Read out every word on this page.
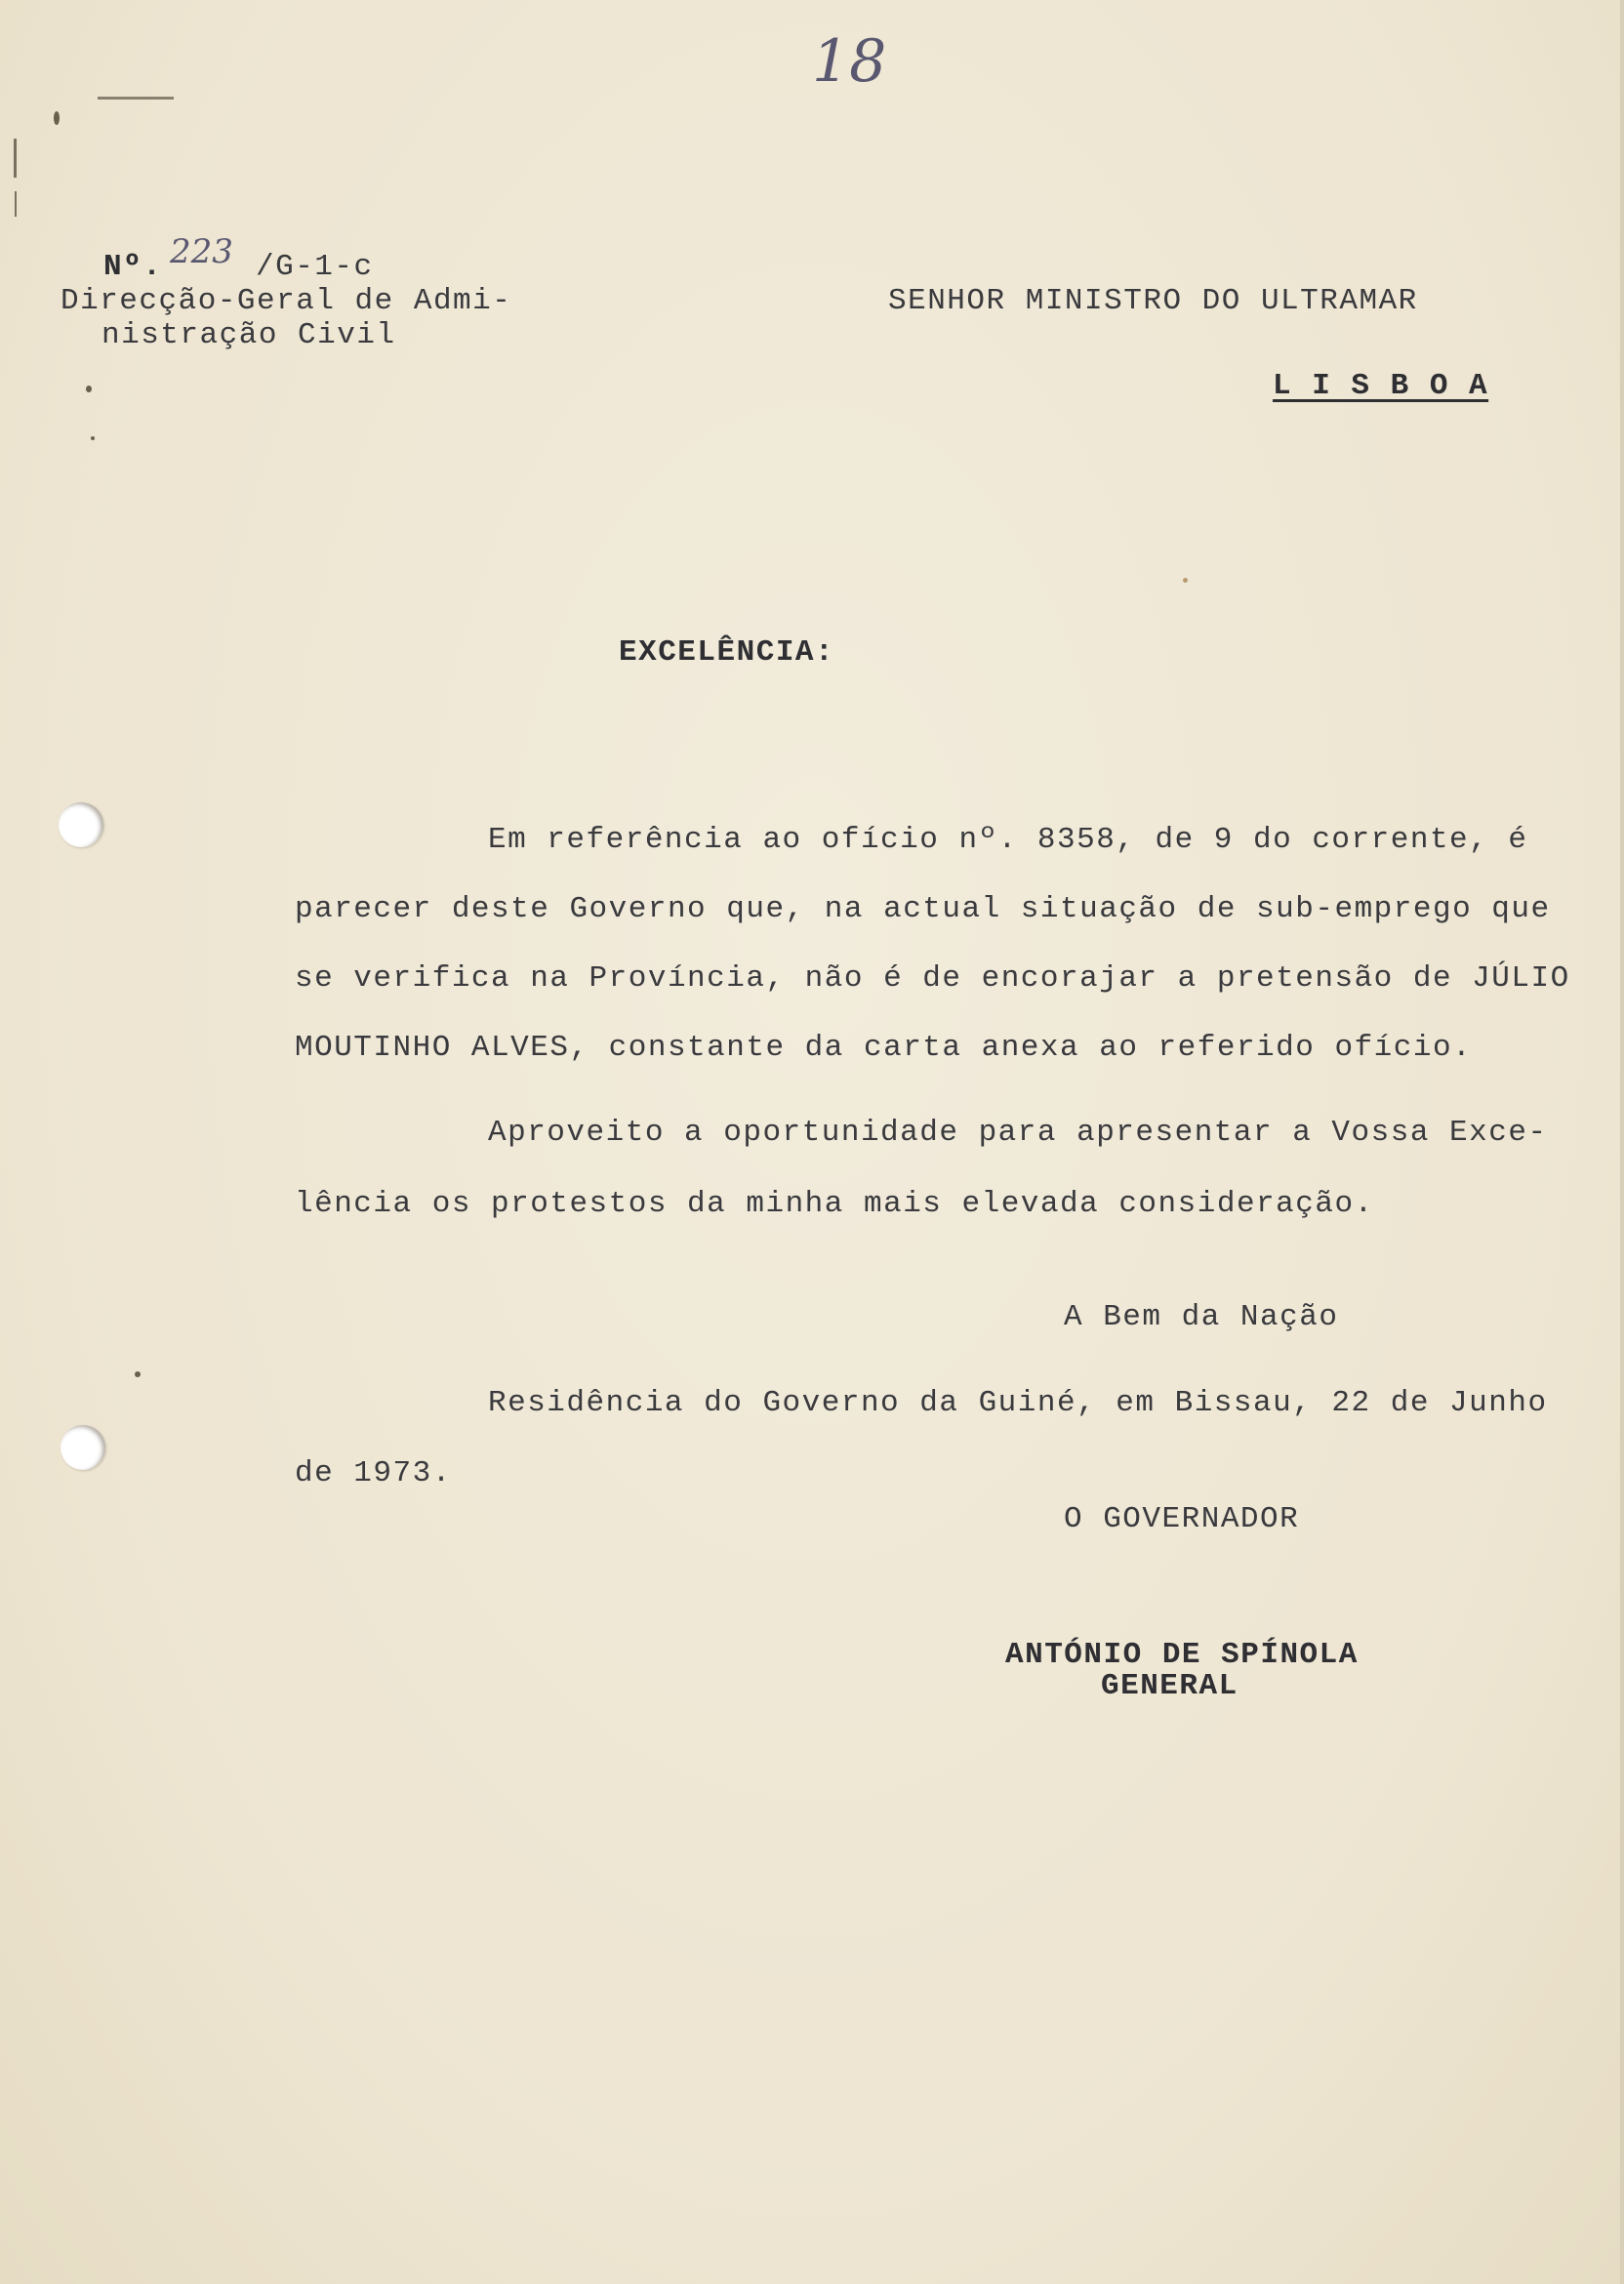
18
Nº. 223 /G-1-c
Direcção-Geral de Admi-
nistração Civil
SENHOR MINISTRO DO ULTRAMAR
L I S B O A
EXCELÊNCIA:
Em referência ao ofício nº. 8358, de 9 do corrente, é
parecer deste Governo que, na actual situação de sub-emprego que
se verifica na Província, não é de encorajar a pretensão de JÚLIO
MOUTINHO ALVES, constante da carta anexa ao referido ofício.
Aproveito a oportunidade para apresentar a Vossa Exce-
lência os protestos da minha mais elevada consideração.
A Bem da Nação
Residência do Governo da Guiné, em Bissau, 22 de Junho
de 1973.
O GOVERNADOR
ANTÓNIO DE SPÍNOLA
GENERAL
